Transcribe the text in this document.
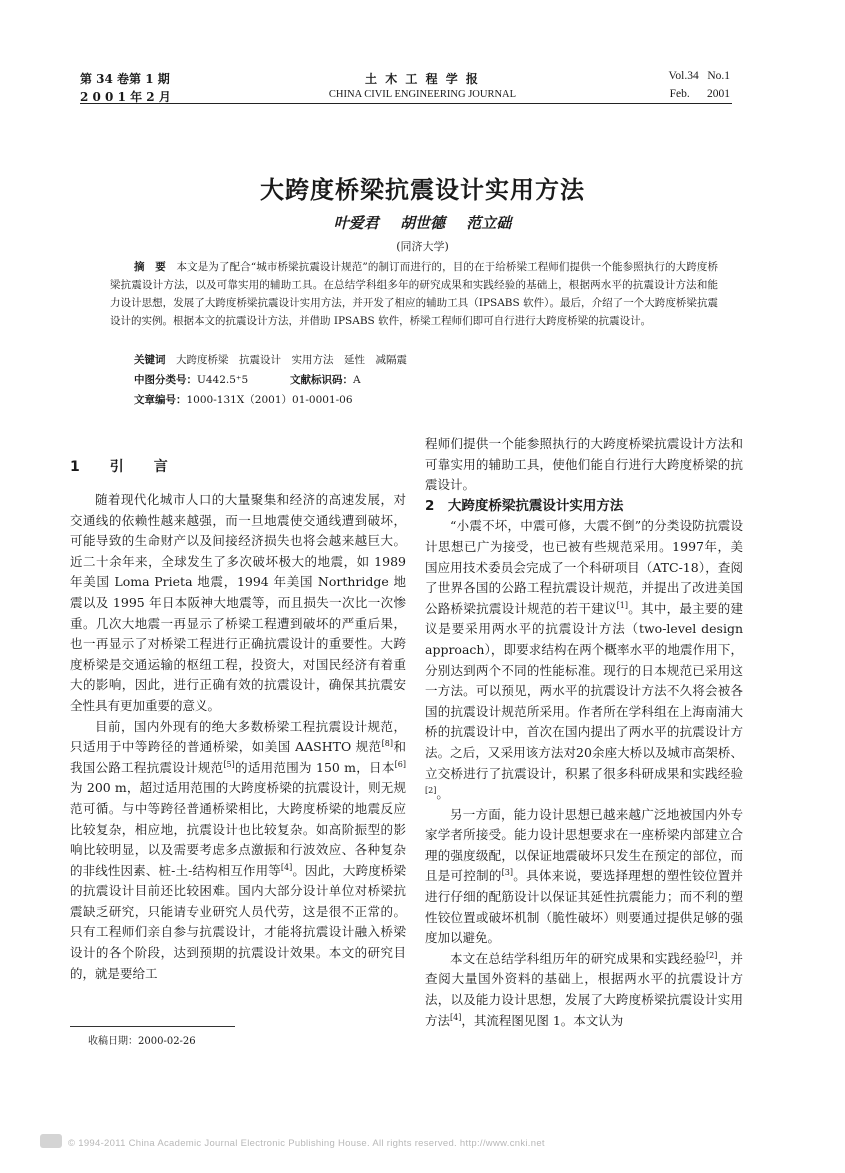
第 34 卷第 1 期
2 0 0 1 年 2 月
土 木 工 程 学 报
CHINA CIVIL ENGINEERING JOURNAL
Vol.34   No.1
Feb.      2001
大跨度桥梁抗震设计实用方法
叶爱君 胡世德 范立础
(同济大学)
摘　要　 本文是为了配合“城市桥梁抗震设计规范”的制订而进行的，目的在于给桥梁工程师们提供一个能参照执行的大跨度桥梁抗震设计方法，以及可靠实用的辅助工具。在总结学科组多年的研究成果和实践经验的基础上，根据两水平的抗震设计方法和能力设计思想，发展了大跨度桥梁抗震设计实用方法，并开发了相应的辅助工具（IPSABS 软件）。最后，介绍了一个大跨度桥梁抗震设计的实例。根据本文的抗震设计方法，并借助 IPSABS 软件，桥梁工程师们即可自行进行大跨度桥梁的抗震设计。
关键词　 大跨度桥梁　抗震设计　实用方法　延性　减隔震
中图分类号：U442.5⁺5	文献标识码：A
文章编号：1000-131X（2001）01-0001-06
1 引 言

随着现代化城市人口的大量聚集和经济的高速发展，对交通线的依赖性越来越强，而一旦地震使交通线遭到破坏，可能导致的生命财产以及间接经济损失也将会越来越巨大。近二十余年来，全球发生了多次破坏极大的地震，如 1989 年美国 Loma Prieta 地震，1994 年美国 Northridge 地震以及 1995 年日本阪神大地震等，而且损失一次比一次惨重。几次大地震一再显示了桥梁工程遭到破坏的严重后果，也一再显示了对桥梁工程进行正确抗震设计的重要性。大跨度桥梁是交通运输的枢纽工程，投资大，对国民经济有着重大的影响，因此，进行正确有效的抗震设计，确保其抗震安全性具有更加重要的意义。

目前，国内外现有的绝大多数桥梁工程抗震设计规范，只适用于中等跨径的普通桥梁，如美国 AASHTO 规范[8]和我国公路工程抗震设计规范[5]的适用范围为 150 m，日本[6]为 200 m，超过适用范围的大跨度桥梁的抗震设计，则无规范可循。与中等跨径普通桥梁相比，大跨度桥梁的地震反应比较复杂，相应地，抗震设计也比较复杂。如高阶振型的影响比较明显，以及需要考虑多点激振和行波效应、各种复杂的非线性因素、桩-土-结构相互作用等[4]。因此，大跨度桥梁的抗震设计目前还比较困难。国内大部分设计单位对桥梁抗震缺乏研究，只能请专业研究人员代劳，这是很不正常的。只有工程师们亲自参与抗震设计，才能将抗震设计融入桥梁设计的各个阶段，达到预期的抗震设计效果。本文的研究目的，就是要给工

收稿日期：2000-02-26

程师们提供一个能参照执行的大跨度桥梁抗震设计方法和可靠实用的辅助工具，使他们能自行进行大跨度桥梁的抗震设计。

2　大跨度桥梁抗震设计实用方法

“小震不坏，中震可修，大震不倒”的分类设防抗震设计思想已广为接受，也已被有些规范采用。1997年，美国应用技术委员会完成了一个科研项目（ATC-18），查阅了世界各国的公路工程抗震设计规范，并提出了改进美国公路桥梁抗震设计规范的若干建议[1]。其中，最主要的建议是要采用两水平的抗震设计方法（two-level design approach），即要求结构在两个概率水平的地震作用下，分别达到两个不同的性能标准。现行的日本规范已采用这一方法。可以预见，两水平的抗震设计方法不久将会被各国的抗震设计规范所采用。作者所在学科组在上海南浦大桥的抗震设计中，首次在国内提出了两水平的抗震设计方法。之后，又采用该方法对20余座大桥以及城市高架桥、立交桥进行了抗震设计，积累了很多科研成果和实践经验[2]。

另一方面，能力设计思想已越来越广泛地被国内外专家学者所接受。能力设计思想要求在一座桥梁内部建立合理的强度级配，以保证地震破坏只发生在预定的部位，而且是可控制的[3]。具体来说，要选择理想的塑性铰位置并进行仔细的配筋设计以保证其延性抗震能力；而不利的塑性铰位置或破坏机制（脆性破坏）则要通过提供足够的强度加以避免。

本文在总结学科组历年的研究成果和实践经验[2]，并查阅大量国外资料的基础上，根据两水平的抗震设计方法，以及能力设计思想，发展了大跨度桥梁抗震设计实用方法[4]，其流程图见图 1。本文认为

© 1994-2011 China Academic Journal Electronic Publishing House. All rights reserved. http://www.cnki.net
